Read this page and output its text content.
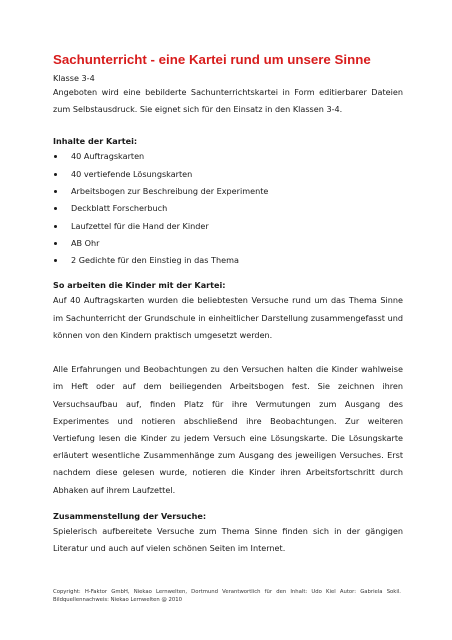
Sachunterricht - eine Kartei rund um unsere Sinne
Klasse 3-4

Angeboten wird eine bebilderte Sachunterrichtskartei in Form editierbarer Dateien zum Selbstausdruck. Sie eignet sich für den Einsatz in den Klassen 3-4.

Inhalte der Kartei:
40 Auftragskarten
40 vertiefende Lösungskarten
Arbeitsbogen zur Beschreibung der Experimente
Deckblatt Forscherbuch
Laufzettel für die Hand der Kinder
AB Ohr
2 Gedichte für den Einstieg in das Thema
So arbeiten die Kinder mit der Kartei:

Auf 40 Auftragskarten wurden die beliebtesten Versuche rund um das Thema Sinne im Sachunterricht der Grundschule in einheitlicher Darstellung zusammengefasst und können von den Kindern praktisch umgesetzt werden.

Alle Erfahrungen und Beobachtungen zu den Versuchen halten die Kinder wahlweise im Heft oder auf dem beiliegenden Arbeitsbogen fest. Sie zeichnen ihren Versuchsaufbau auf, finden Platz für ihre Vermutungen zum Ausgang des Experimentes und notieren abschließend ihre Beobachtungen. Zur weiteren Vertiefung lesen die Kinder zu jedem Versuch eine Lösungskarte. Die Lösungskarte erläutert wesentliche Zusammenhänge zum Ausgang des jeweiligen Versuches. Erst nachdem diese gelesen wurde, notieren die Kinder ihren Arbeitsfortschritt durch Abhaken auf ihrem Laufzettel.

Zusammenstellung der Versuche:

Spielerisch aufbereitete Versuche zum Thema Sinne finden sich in der gängigen Literatur und auch auf vielen schönen Seiten im Internet.

Copyright: H-Faktor GmbH, Niekao Lernwelten, Dortmund Verantwortlich für den Inhalt: Udo Kiel Autor: Gabriela Sokil. Bildquellennachweis: Niekao Lernwelten @ 2010
